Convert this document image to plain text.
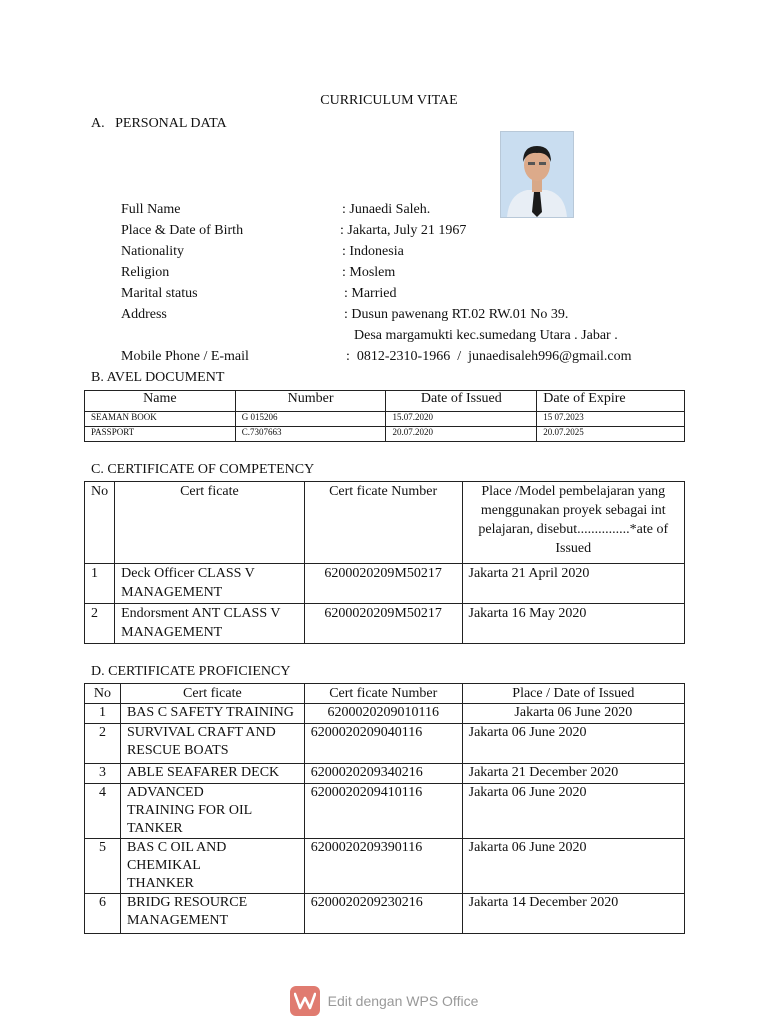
CURRICULUM VITAE
A.   PERSONAL DATA
Full Name	: Junaedi Saleh.
Place & Date of Birth	: Jakarta, July 21 1967
Nationality	: Indonesia
Religion	: Moslem
Marital status	: Married
Address	: Dusun pawenang RT.02 RW.01 No 39.
Desa margamukti kec.sumedang Utara . Jabar .
Mobile Phone / E-mail	:  0812-2310-1966  /  junaedisaleh996@gmail.com
B. AVEL DOCUMENT
Name	Number	Date of Issued	Date of Expire
SEAMAN BOOK	G 015206	15.07.2020	15 07.2023
PASSPORT	C.7307663	20.07.2020	20.07.2025
C. CERTIFICATE OF COMPETENCY
No	Cert ficate	Cert ficate Number	Place /Model pembelajaran yang menggunakan proyek sebagai int pelajaran, disebut...............*ate of Issued
1	Deck Officer CLASS V MANAGEMENT	6200020209M50217	Jakarta 21 April 2020
2	Endorsment ANT CLASS V MANAGEMENT	6200020209M50217	Jakarta 16 May 2020
D. CERTIFICATE PROFICIENCY
No	Cert ficate	Cert ficate Number	Place / Date of Issued
1	BAS C SAFETY TRAINING	6200020209010116	Jakarta 06 June 2020
2	SURVIVAL CRAFT AND RESCUE BOATS	6200020209040116	Jakarta 06 June 2020
3	ABLE SEAFARER DECK	6200020209340216	Jakarta 21 December 2020
4	ADVANCED TRAINING FOR OIL TANKER	6200020209410116	Jakarta 06 June 2020
5	BAS C OIL AND CHEMIKAL THANKER	6200020209390116	Jakarta 06 June 2020
6	BRIDG RESOURCE MANAGEMENT	6200020209230216	Jakarta 14 December 2020
Edit dengan WPS Office
